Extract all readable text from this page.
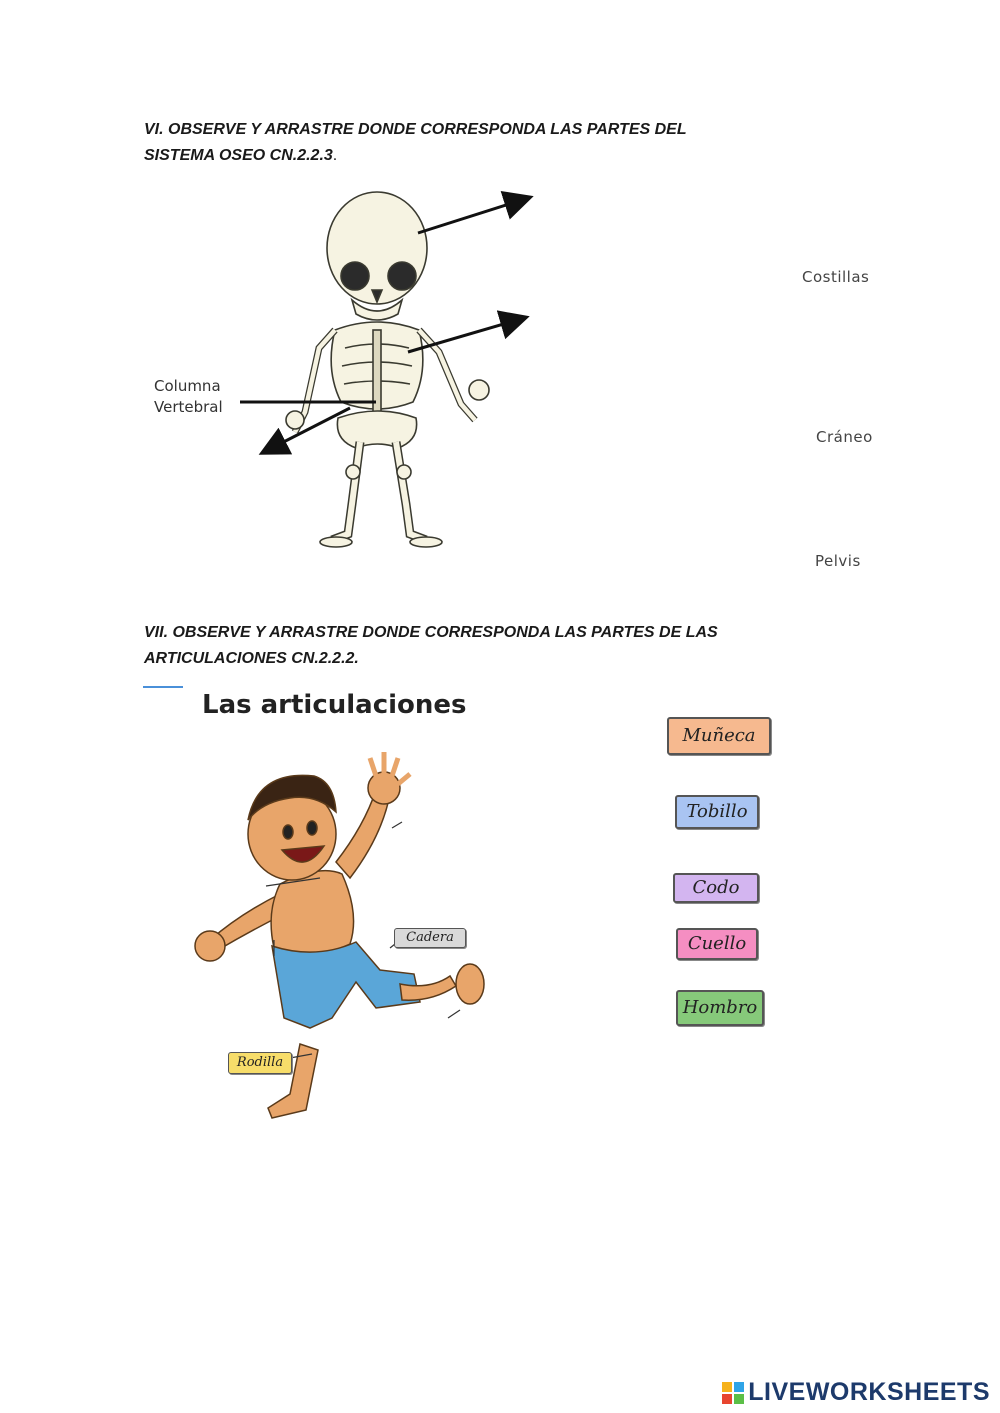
VI. OBSERVE Y ARRASTRE DONDE CORRESPONDA LAS PARTES DEL
SISTEMA OSEO CN.2.2.3.

Columna
Vertebral
Costillas
Cráneo
Pelvis

VII. OBSERVE Y ARRASTRE DONDE CORRESPONDA LAS PARTES DE LAS
ARTICULACIONES CN.2.2.2.

Las articulaciones
Cadera
Rodilla
Muñeca
Tobillo
Codo
Cuello
Hombro
LIVEWORKSHEETS
